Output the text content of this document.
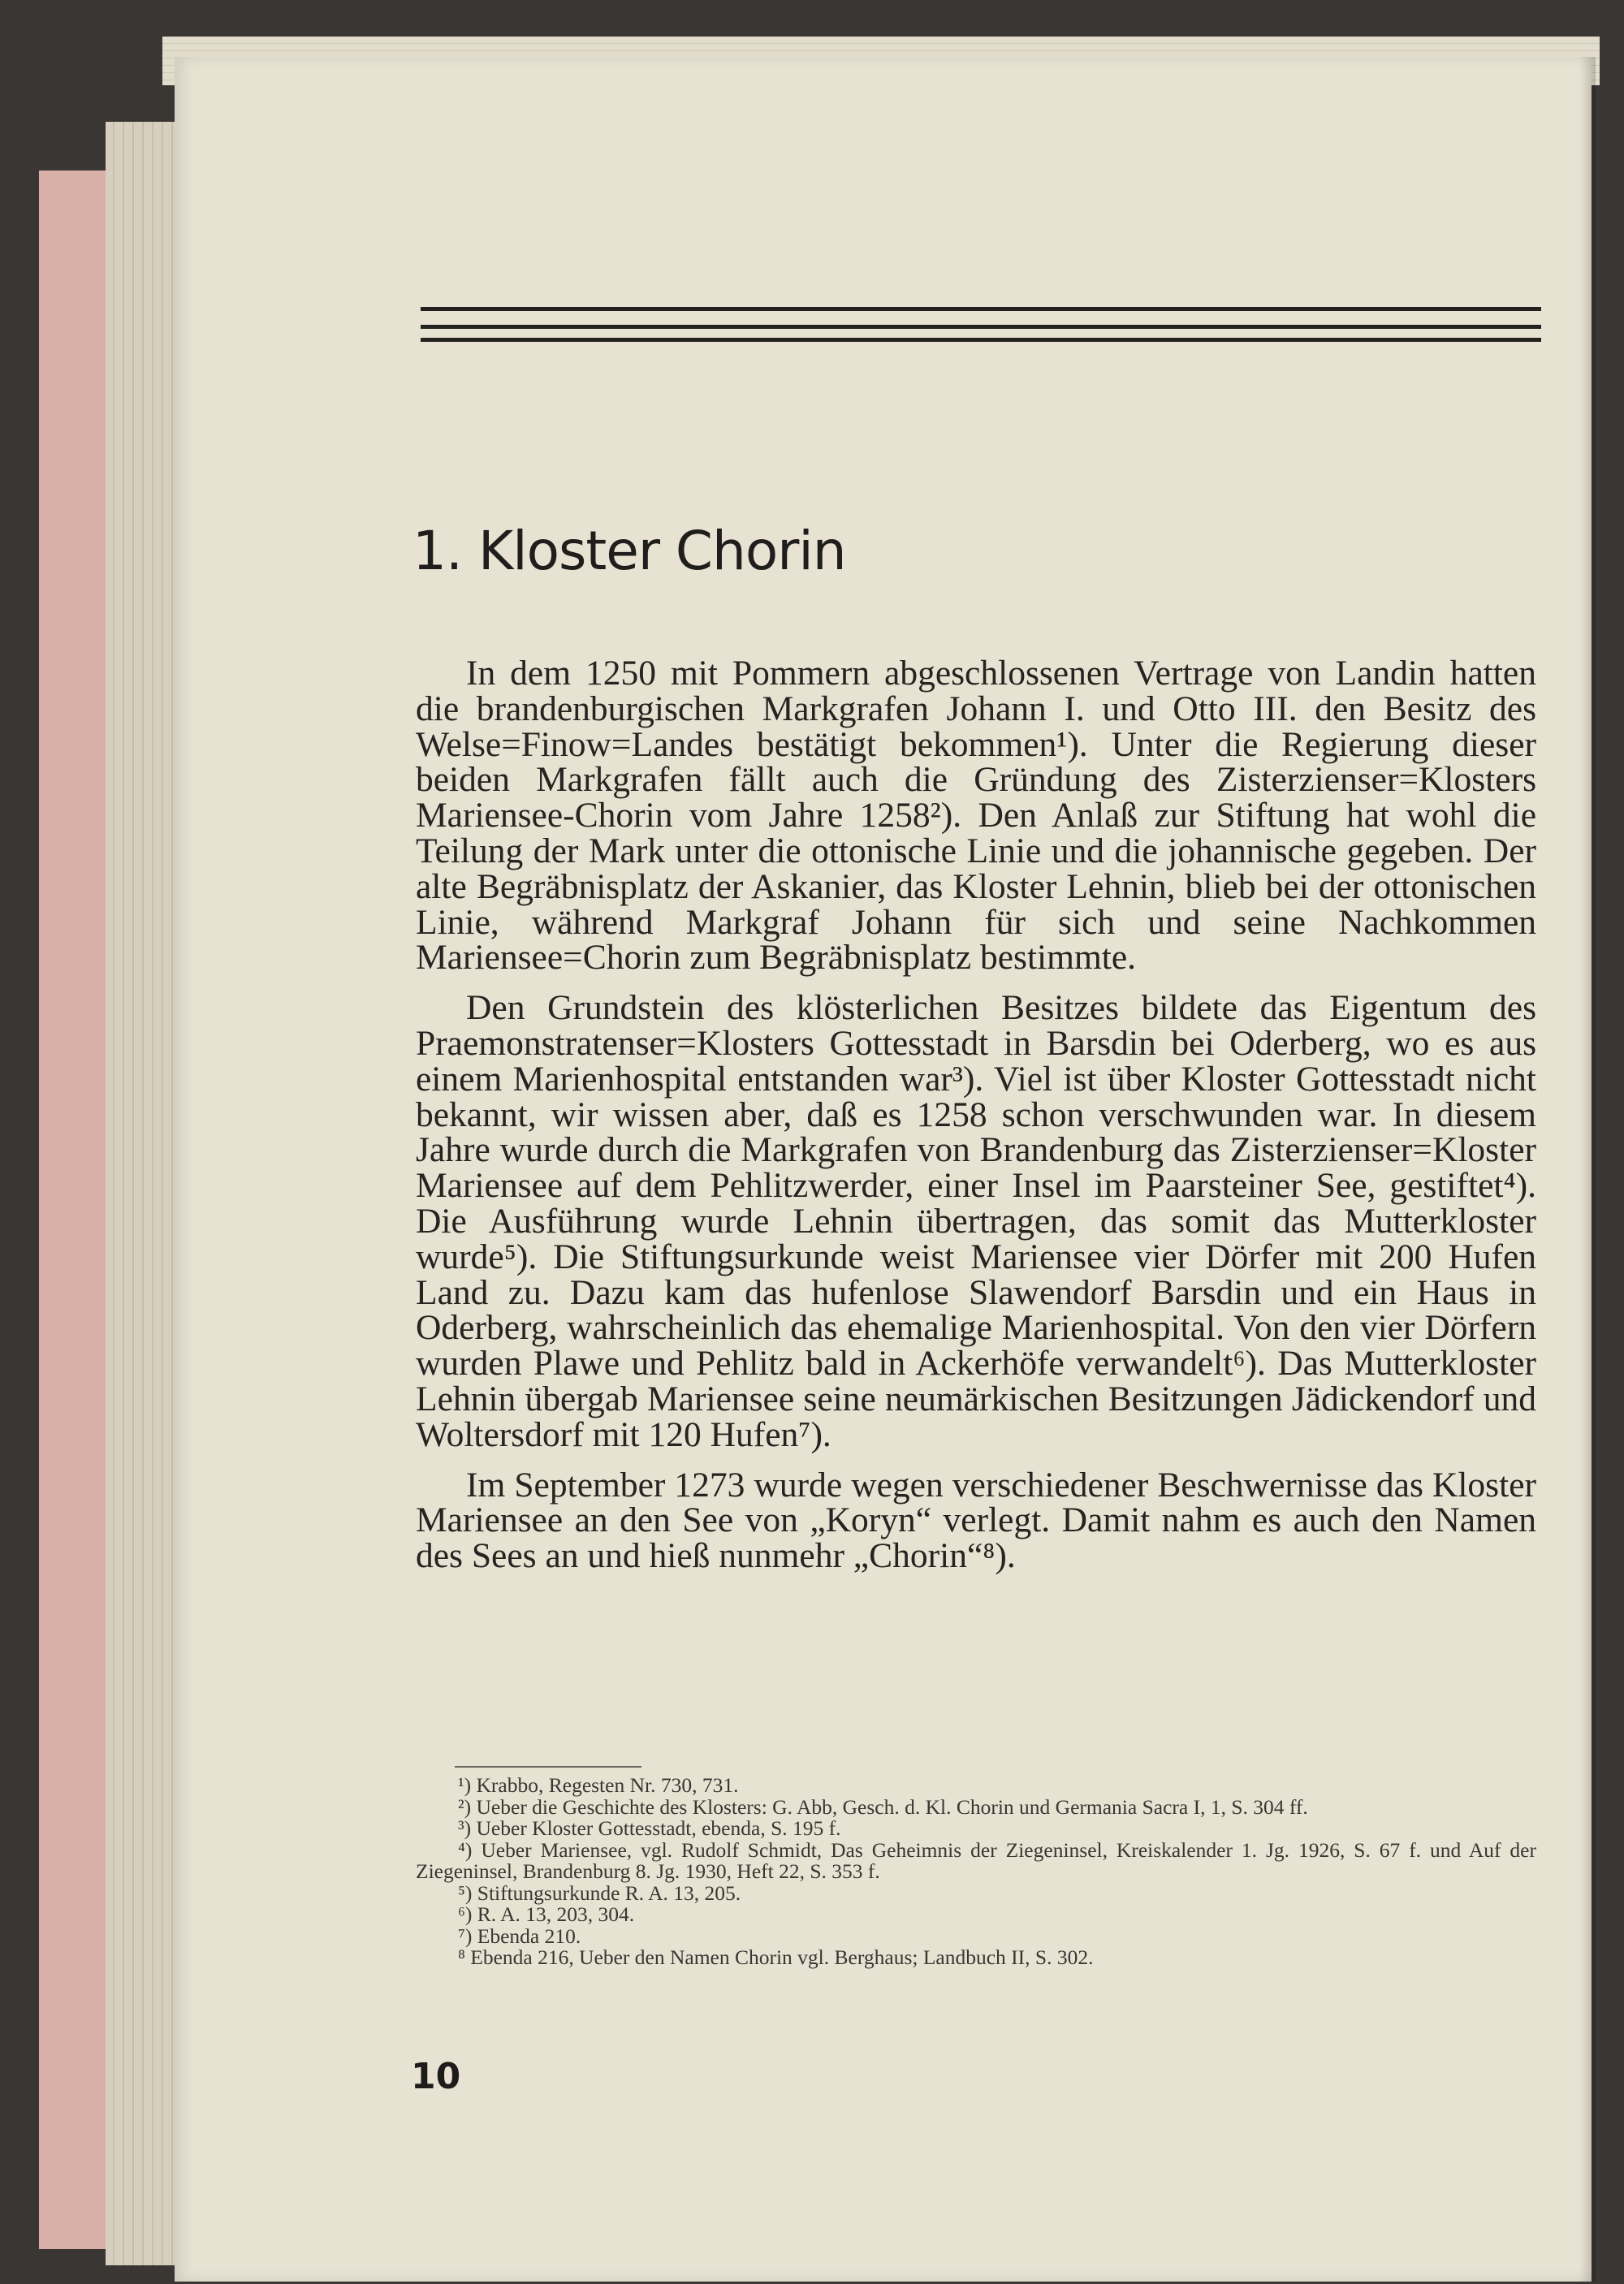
1. Kloster Chorin

In dem 1250 mit Pommern abgeschlossenen Vertrage von Landin hatten die brandenburgischen Markgrafen Johann I. und Otto III. den Besitz des Welse=Finow=Landes bestätigt bekommen¹). Unter die Regierung dieser beiden Markgrafen fällt auch die Gründung des Zisterzienser=Klosters Mariensee-Chorin vom Jahre 1258²). Den Anlaß zur Stiftung hat wohl die Teilung der Mark unter die ottonische Linie und die johannische gegeben. Der alte Begräbnisplatz der Askanier, das Kloster Lehnin, blieb bei der ottonischen Linie, während Markgraf Johann für sich und seine Nachkommen Mariensee=Chorin zum Begräbnisplatz bestimmte.

Den Grundstein des klösterlichen Besitzes bildete das Eigentum des Praemonstratenser=Klosters Gottesstadt in Barsdin bei Oderberg, wo es aus einem Marienhospital entstanden war³). Viel ist über Kloster Gottesstadt nicht bekannt, wir wissen aber, daß es 1258 schon verschwunden war. In diesem Jahre wurde durch die Markgrafen von Brandenburg das Zisterzienser=Kloster Mariensee auf dem Pehlitzwerder, einer Insel im Paarsteiner See, gestiftet⁴). Die Ausführung wurde Lehnin übertragen, das somit das Mutterkloster wurde⁵). Die Stiftungsurkunde weist Mariensee vier Dörfer mit 200 Hufen Land zu. Dazu kam das hufenlose Slawendorf Barsdin und ein Haus in Oderberg, wahrscheinlich das ehemalige Marienhospital. Von den vier Dörfern wurden Plawe und Pehlitz bald in Ackerhöfe verwandelt⁶). Das Mutterkloster Lehnin übergab Mariensee seine neumärkischen Besitzungen Jädickendorf und Woltersdorf mit 120 Hufen⁷).

Im September 1273 wurde wegen verschiedener Beschwernisse das Kloster Mariensee an den See von „Koryn“ verlegt. Damit nahm es auch den Namen des Sees an und hieß nunmehr „Chorin“⁸).

¹) Krabbo, Regesten Nr. 730, 731.

²) Ueber die Geschichte des Klosters: G. Abb, Gesch. d. Kl. Chorin und Germania Sacra I, 1, S. 304 ff.

³) Ueber Kloster Gottesstadt, ebenda, S. 195 f.

⁴) Ueber Mariensee, vgl. Rudolf Schmidt, Das Geheimnis der Ziegeninsel, Kreiskalender 1. Jg. 1926, S. 67 f. und Auf der Ziegeninsel, Brandenburg 8. Jg. 1930, Heft 22, S. 353 f.

⁵) Stiftungsurkunde R. A. 13, 205.

⁶) R. A. 13, 203, 304.

⁷) Ebenda 210.

⁸ Ebenda 216, Ueber den Namen Chorin vgl. Berghaus; Landbuch II, S. 302.

10
